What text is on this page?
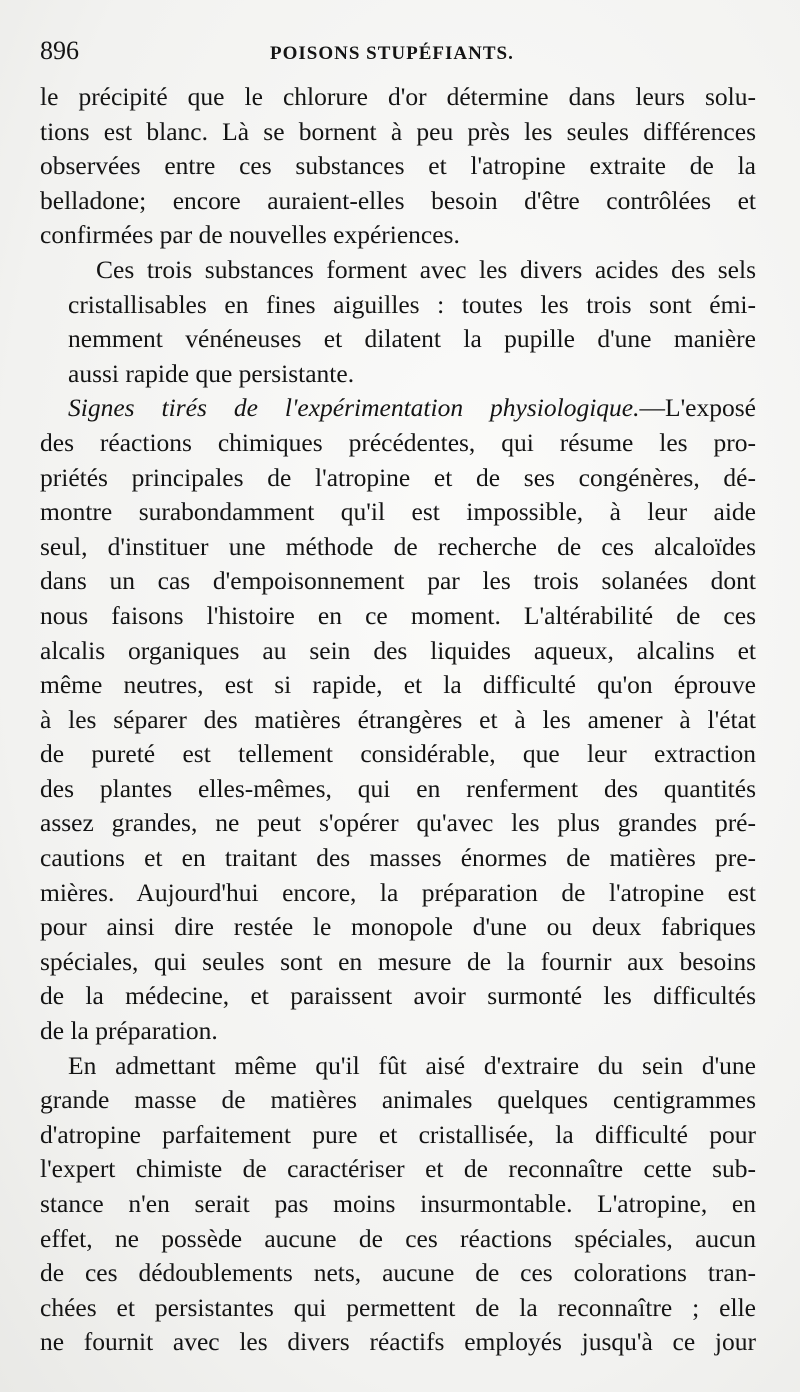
896	POISONS STUPÉFIANTS.

le précipité que le chlorure d'or détermine dans leurs solu-
tions est blanc. Là se bornent à peu près les seules différences
observées entre ces substances et l'atropine extraite de la
belladone; encore auraient-elles besoin d'être contrôlées et
confirmées par de nouvelles expériences.

Ces trois substances forment avec les divers acides des sels
cristallisables en fines aiguilles : toutes les trois sont émi-
nemment vénéneuses et dilatent la pupille d'une manière
aussi rapide que persistante.

Signes tirés de l'expérimentation physiologique.—L'exposé
des réactions chimiques précédentes, qui résume les pro-
priétés principales de l'atropine et de ses congénères, dé-
montre surabondamment qu'il est impossible, à leur aide
seul, d'instituer une méthode de recherche de ces alcaloïdes
dans un cas d'empoisonnement par les trois solanées dont
nous faisons l'histoire en ce moment. L'altérabilité de ces
alcalis organiques au sein des liquides aqueux, alcalins et
même neutres, est si rapide, et la difficulté qu'on éprouve
à les séparer des matières étrangères et à les amener à l'état
de pureté est tellement considérable, que leur extraction
des plantes elles-mêmes, qui en renferment des quantités
assez grandes, ne peut s'opérer qu'avec les plus grandes pré-
cautions et en traitant des masses énormes de matières pre-
mières. Aujourd'hui encore, la préparation de l'atropine est
pour ainsi dire restée le monopole d'une ou deux fabriques
spéciales, qui seules sont en mesure de la fournir aux besoins
de la médecine, et paraissent avoir surmonté les difficultés
de la préparation.

En admettant même qu'il fût aisé d'extraire du sein d'une
grande masse de matières animales quelques centigrammes
d'atropine parfaitement pure et cristallisée, la difficulté pour
l'expert chimiste de caractériser et de reconnaître cette sub-
stance n'en serait pas moins insurmontable. L'atropine, en
effet, ne possède aucune de ces réactions spéciales, aucun
de ces dédoublements nets, aucune de ces colorations tran-
chées et persistantes qui permettent de la reconnaître ; elle
ne fournit avec les divers réactifs employés jusqu'à ce jour
